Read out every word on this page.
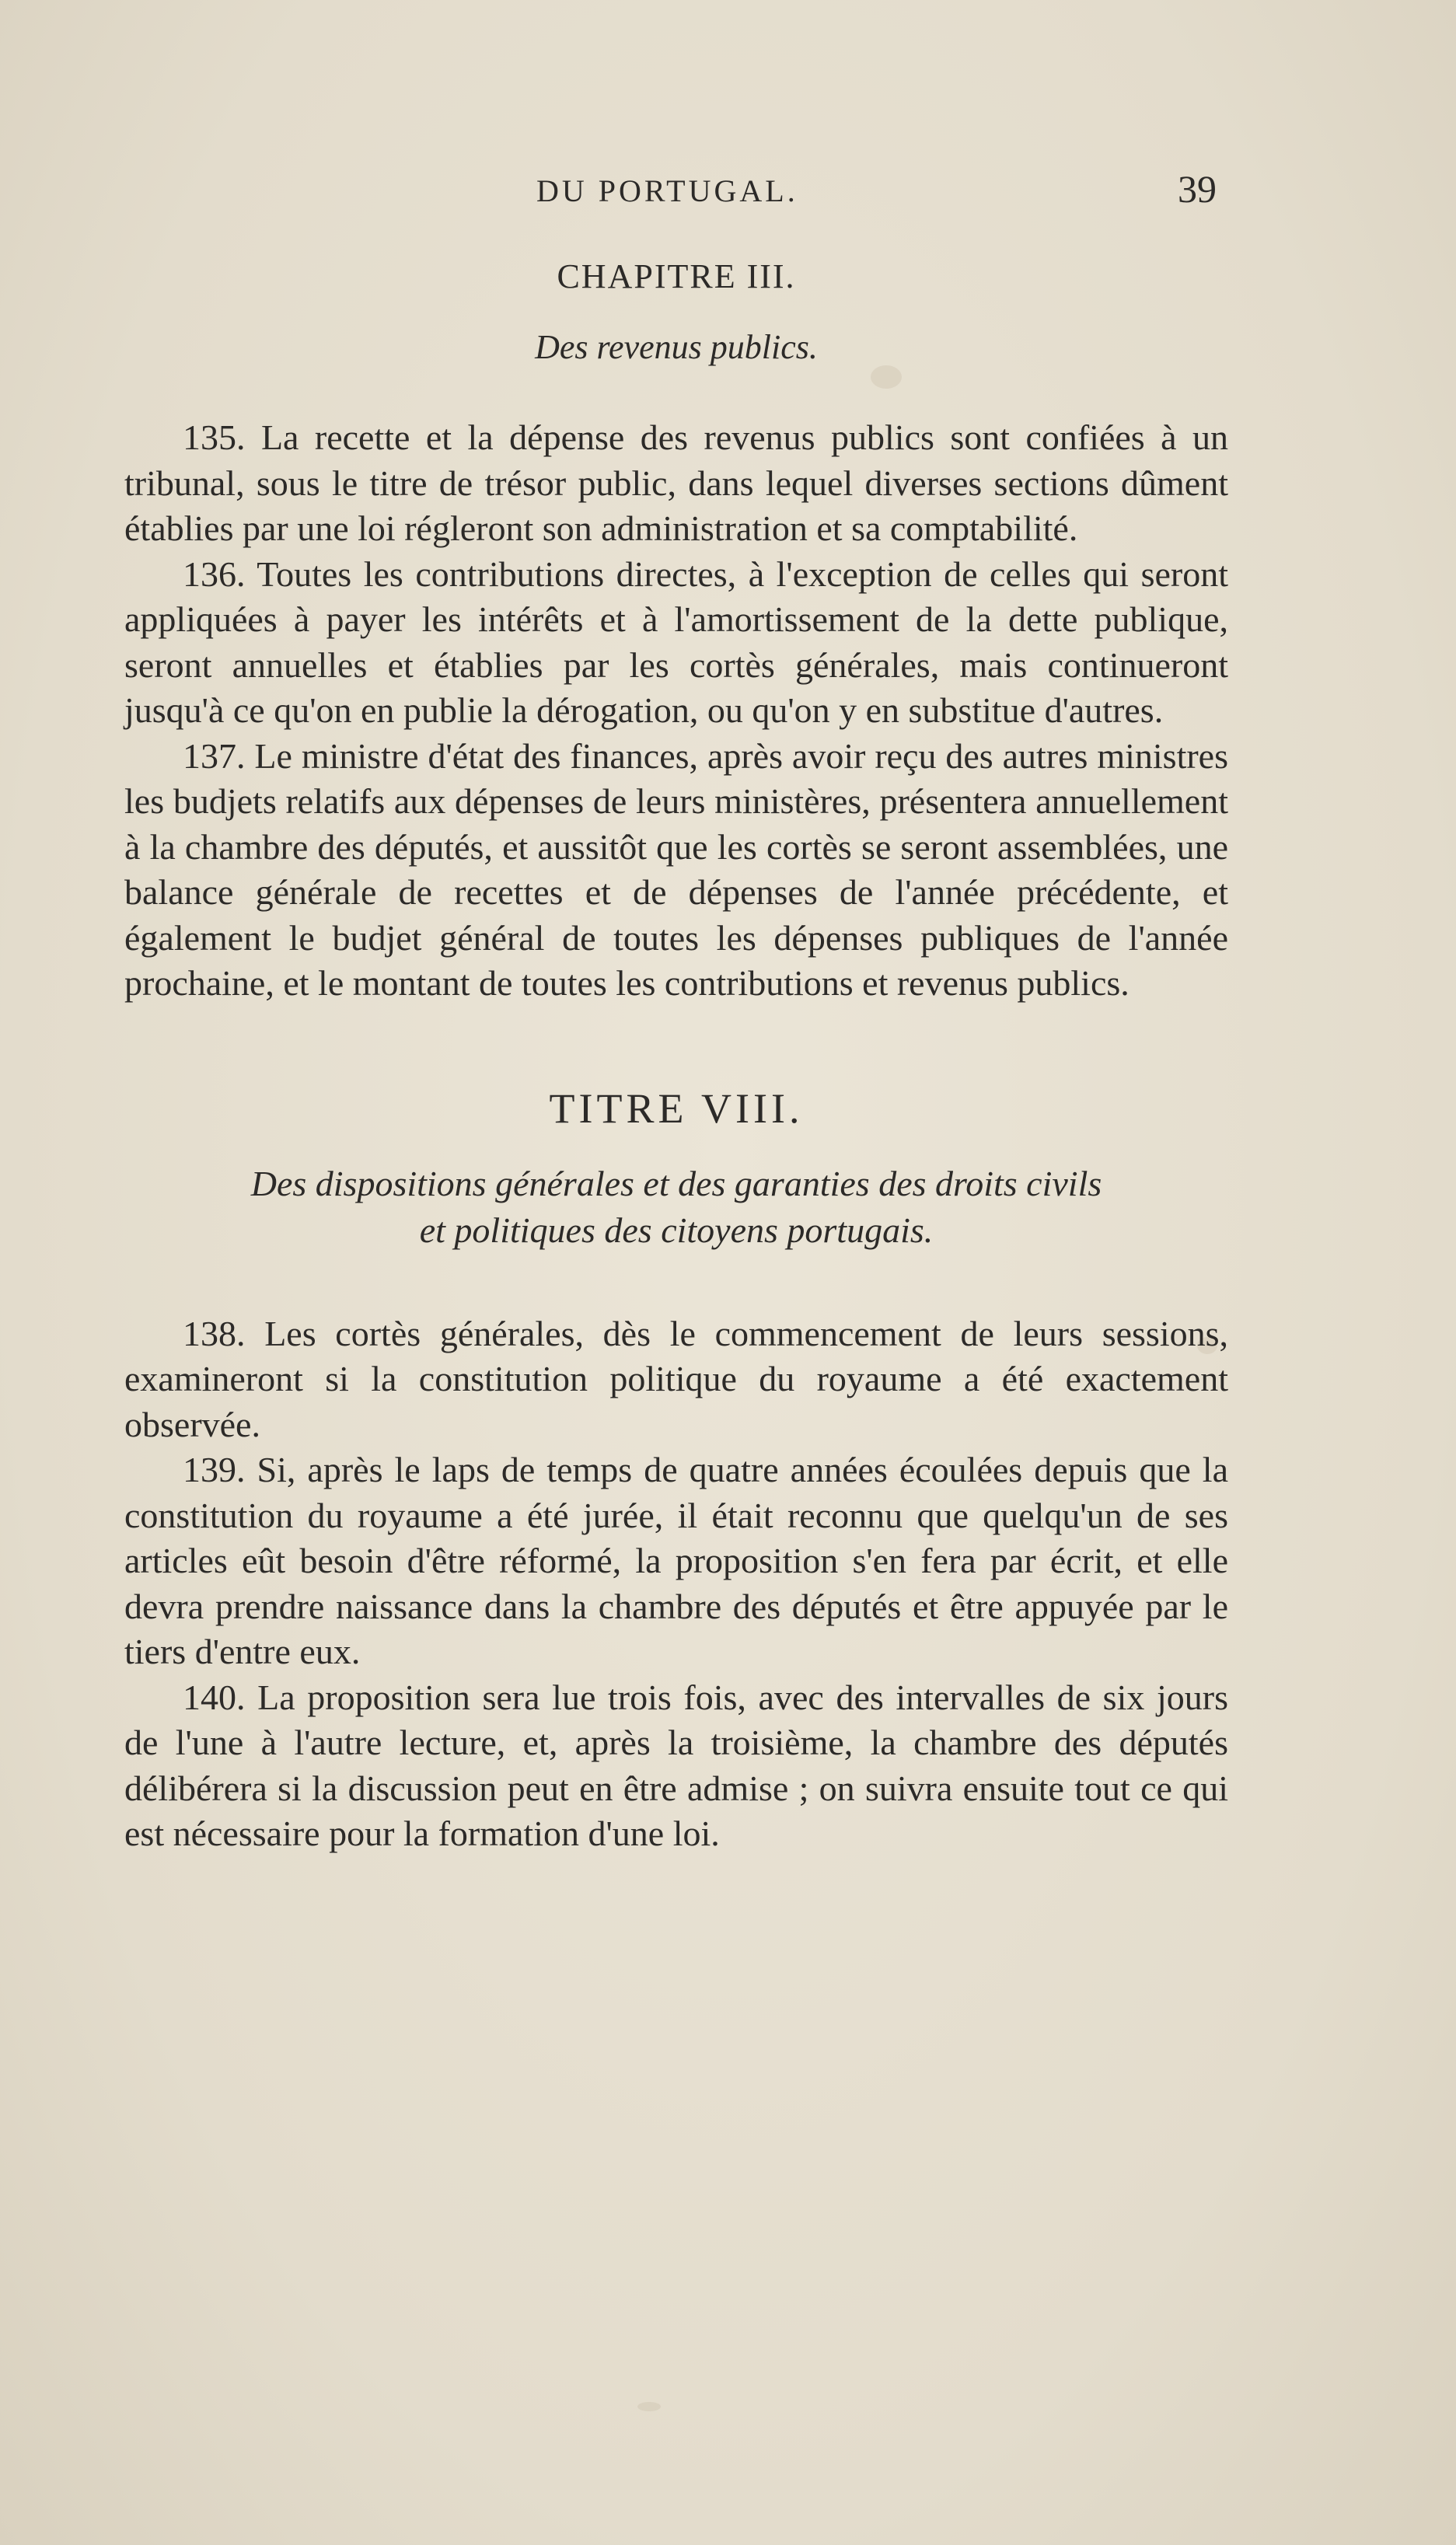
DU PORTUGAL.	39
CHAPITRE III.
Des revenus publics.

135. La recette et la dépense des revenus publics sont confiées à un tribunal, sous le titre de trésor public, dans lequel diverses sections dûment établies par une loi régleront son administration et sa comptabilité.

136. Toutes les contributions directes, à l'exception de celles qui seront appliquées à payer les intérêts et à l'amortissement de la dette publique, seront annuelles et établies par les cortès générales, mais continueront jusqu'à ce qu'on en publie la dérogation, ou qu'on y en substitue d'autres.

137. Le ministre d'état des finances, après avoir reçu des autres ministres les budjets relatifs aux dépenses de leurs ministères, présentera annuellement à la chambre des députés, et aussitôt que les cortès se seront assemblées, une balance générale de recettes et de dépenses de l'année précédente, et également le budjet général de toutes les dépenses publiques de l'année prochaine, et le montant de toutes les contributions et revenus publics.

TITRE VIII.
Des dispositions générales et des garanties des droits civils
et politiques des citoyens portugais.

138. Les cortès générales, dès le commencement de leurs sessions, examineront si la constitution politique du royaume a été exactement observée.

139. Si, après le laps de temps de quatre années écoulées depuis que la constitution du royaume a été jurée, il était reconnu que quelqu'un de ses articles eût besoin d'être réformé, la proposition s'en fera par écrit, et elle devra prendre naissance dans la chambre des députés et être appuyée par le tiers d'entre eux.

140. La proposition sera lue trois fois, avec des intervalles de six jours de l'une à l'autre lecture, et, après la troisième, la chambre des députés délibérera si la discussion peut en être admise ; on suivra ensuite tout ce qui est nécessaire pour la formation d'une loi.
